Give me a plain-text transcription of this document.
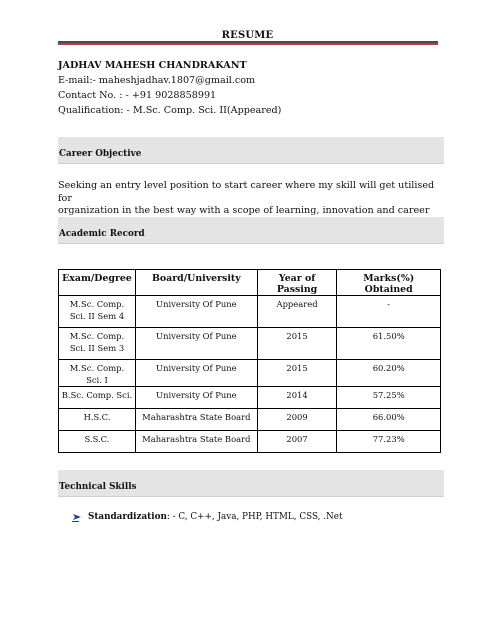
RESUME
JADHAV MAHESH CHANDRAKANT
E-mail:- maheshjadhav.1807@gmail.com
Contact No. : - +91 9028858991
Qualification: - M.Sc. Comp. Sci. II(Appeared)
Career Objective
Seeking an entry level position to start career where my skill will get utilised for
organization in the best way with a scope of learning, innovation and career
Academic Record
Exam/Degree	Board/University	Year of Passing	Marks(%) Obtained
M.Sc. Comp. Sci. II Sem 4	University Of Pune	Appeared	-
M.Sc. Comp. Sci. II Sem 3	University Of Pune	2015	61.50%
M.Sc. Comp. Sci. I	University Of Pune	2015	60.20%
B.Sc. Comp. Sci.	University Of Pune	2014	57.25%
H.S.C.	Maharashtra State Board	2009	66.00%
S.S.C.	Maharashtra State Board	2007	77.23%
Technical Skills
Standardization : - C, C++, Java, PHP, HTML, CSS, .Net
